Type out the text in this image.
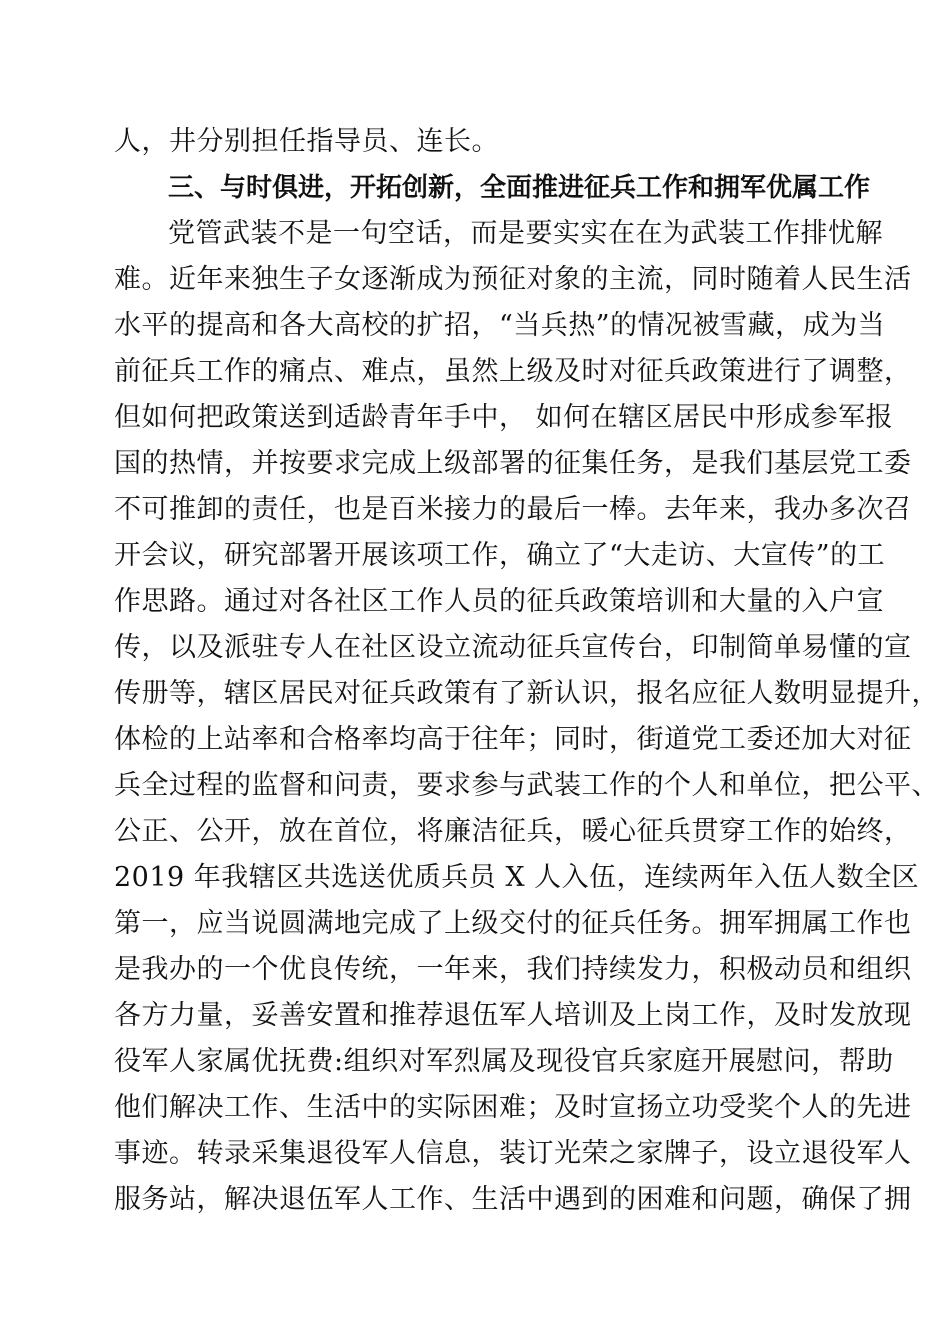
人，井分别担任指导员、连长。
三、与时俱进，开拓创新，全面推进征兵工作和拥军优属工作
党管武装不是一句空话，而是要实实在在为武装工作排忧解
难。近年来独生子女逐渐成为预征对象的主流，同时随着人民生活
水平的提高和各大高校的扩招，“当兵热”的情况被雪藏，成为当
前征兵工作的痛点、难点，虽然上级及时对征兵政策进行了调整，
但如何把政策送到适龄青年手中， 如何在辖区居民中形成参军报
国的热情，并按要求完成上级部署的征集任务，是我们基层党工委
不可推卸的责任，也是百米接力的最后一棒。去年来，我办多次召
开会议，研究部署开展该项工作，确立了“大走访、大宣传”的工
作思路。通过对各社区工作人员的征兵政策培训和大量的入户宣
传，以及派驻专人在社区设立流动征兵宣传台，印制简单易懂的宣
传册等，辖区居民对征兵政策有了新认识，报名应征人数明显提升，
体检的上站率和合格率均高于往年；同时，街道党工委还加大对征
兵全过程的监督和问责，要求参与武装工作的个人和单位，把公平、
公正、公开，放在首位，将廉洁征兵，暖心征兵贯穿工作的始终，
2019 年我辖区共选送优质兵员 X 人入伍，连续两年入伍人数全区
第一，应当说圆满地完成了上级交付的征兵任务。拥军拥属工作也
是我办的一个优良传统，一年来，我们持续发力，积极动员和组织
各方力量，妥善安置和推荐退伍军人培训及上岗工作，及时发放现
役军人家属优抚费:组织对军烈属及现役官兵家庭开展慰问，帮助
他们解决工作、生活中的实际困难；及时宣扬立功受奖个人的先进
事迹。转录采集退役军人信息，装订光荣之家牌子，设立退役军人
服务站，解决退伍军人工作、生活中遇到的困难和问题，确保了拥
